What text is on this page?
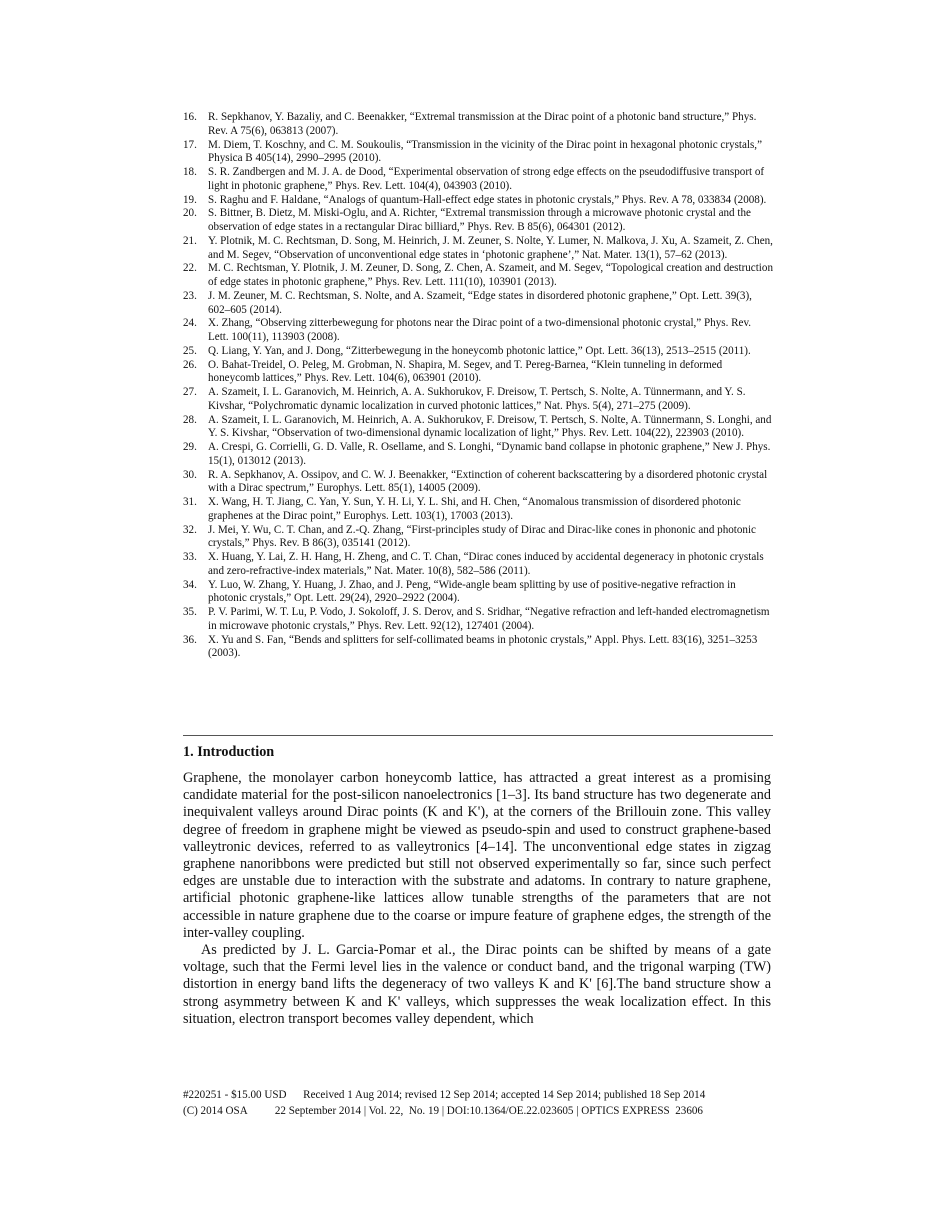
16. R. Sepkhanov, Y. Bazaliy, and C. Beenakker, “Extremal transmission at the Dirac point of a photonic band structure,” Phys. Rev. A 75(6), 063813 (2007).
17. M. Diem, T. Koschny, and C. M. Soukoulis, “Transmission in the vicinity of the Dirac point in hexagonal photonic crystals,” Physica B 405(14), 2990–2995 (2010).
18. S. R. Zandbergen and M. J. A. de Dood, “Experimental observation of strong edge effects on the pseudodiffusive transport of light in photonic graphene,” Phys. Rev. Lett. 104(4), 043903 (2010).
19. S. Raghu and F. Haldane, “Analogs of quantum-Hall-effect edge states in photonic crystals,” Phys. Rev. A 78, 033834 (2008).
20. S. Bittner, B. Dietz, M. Miski-Oglu, and A. Richter, “Extremal transmission through a microwave photonic crystal and the observation of edge states in a rectangular Dirac billiard,” Phys. Rev. B 85(6), 064301 (2012).
21. Y. Plotnik, M. C. Rechtsman, D. Song, M. Heinrich, J. M. Zeuner, S. Nolte, Y. Lumer, N. Malkova, J. Xu, A. Szameit, Z. Chen, and M. Segev, “Observation of unconventional edge states in ‘photonic graphene’,” Nat. Mater. 13(1), 57–62 (2013).
22. M. C. Rechtsman, Y. Plotnik, J. M. Zeuner, D. Song, Z. Chen, A. Szameit, and M. Segev, “Topological creation and destruction of edge states in photonic graphene,” Phys. Rev. Lett. 111(10), 103901 (2013).
23. J. M. Zeuner, M. C. Rechtsman, S. Nolte, and A. Szameit, “Edge states in disordered photonic graphene,” Opt. Lett. 39(3), 602–605 (2014).
24. X. Zhang, “Observing zitterbewegung for photons near the Dirac point of a two-dimensional photonic crystal,” Phys. Rev. Lett. 100(11), 113903 (2008).
25. Q. Liang, Y. Yan, and J. Dong, “Zitterbewegung in the honeycomb photonic lattice,” Opt. Lett. 36(13), 2513–2515 (2011).
26. O. Bahat-Treidel, O. Peleg, M. Grobman, N. Shapira, M. Segev, and T. Pereg-Barnea, “Klein tunneling in deformed honeycomb lattices,” Phys. Rev. Lett. 104(6), 063901 (2010).
27. A. Szameit, I. L. Garanovich, M. Heinrich, A. A. Sukhorukov, F. Dreisow, T. Pertsch, S. Nolte, A. Tünnermann, and Y. S. Kivshar, “Polychromatic dynamic localization in curved photonic lattices,” Nat. Phys. 5(4), 271–275 (2009).
28. A. Szameit, I. L. Garanovich, M. Heinrich, A. A. Sukhorukov, F. Dreisow, T. Pertsch, S. Nolte, A. Tünnermann, S. Longhi, and Y. S. Kivshar, “Observation of two-dimensional dynamic localization of light,” Phys. Rev. Lett. 104(22), 223903 (2010).
29. A. Crespi, G. Corrielli, G. D. Valle, R. Osellame, and S. Longhi, “Dynamic band collapse in photonic graphene,” New J. Phys. 15(1), 013012 (2013).
30. R. A. Sepkhanov, A. Ossipov, and C. W. J. Beenakker, “Extinction of coherent backscattering by a disordered photonic crystal with a Dirac spectrum,” Europhys. Lett. 85(1), 14005 (2009).
31. X. Wang, H. T. Jiang, C. Yan, Y. Sun, Y. H. Li, Y. L. Shi, and H. Chen, “Anomalous transmission of disordered photonic graphenes at the Dirac point,” Europhys. Lett. 103(1), 17003 (2013).
32. J. Mei, Y. Wu, C. T. Chan, and Z.-Q. Zhang, “First-principles study of Dirac and Dirac-like cones in phononic and photonic crystals,” Phys. Rev. B 86(3), 035141 (2012).
33. X. Huang, Y. Lai, Z. H. Hang, H. Zheng, and C. T. Chan, “Dirac cones induced by accidental degeneracy in photonic crystals and zero-refractive-index materials,” Nat. Mater. 10(8), 582–586 (2011).
34. Y. Luo, W. Zhang, Y. Huang, J. Zhao, and J. Peng, “Wide-angle beam splitting by use of positive-negative refraction in photonic crystals,” Opt. Lett. 29(24), 2920–2922 (2004).
35. P. V. Parimi, W. T. Lu, P. Vodo, J. Sokoloff, J. S. Derov, and S. Sridhar, “Negative refraction and left-handed electromagnetism in microwave photonic crystals,” Phys. Rev. Lett. 92(12), 127401 (2004).
36. X. Yu and S. Fan, “Bends and splitters for self-collimated beams in photonic crystals,” Appl. Phys. Lett. 83(16), 3251–3253 (2003).
1. Introduction

Graphene, the monolayer carbon honeycomb lattice, has attracted a great interest as a promising candidate material for the post-silicon nanoelectronics [1–3]. Its band structure has two degenerate and inequivalent valleys around Dirac points (K and K'), at the corners of the Brillouin zone. This valley degree of freedom in graphene might be viewed as pseudo-spin and used to construct graphene-based valleytronic devices, referred to as valleytronics [4–14]. The unconventional edge states in zigzag graphene nanoribbons were predicted but still not observed experimentally so far, since such perfect edges are unstable due to interaction with the substrate and adatoms. In contrary to nature graphene, artificial photonic graphene-like lattices allow tunable strengths of the parameters that are not accessible in nature graphene due to the coarse or impure feature of graphene edges, the strength of the inter-valley coupling.

As predicted by J. L. Garcia-Pomar et al., the Dirac points can be shifted by means of a gate voltage, such that the Fermi level lies in the valence or conduct band, and the trigonal warping (TW) distortion in energy band lifts the degeneracy of two valleys K and K' [6].The band structure show a strong asymmetry between K and K' valleys, which suppresses the weak localization effect. In this situation, electron transport becomes valley dependent, which

#220251 - $15.00 USD      Received 1 Aug 2014; revised 12 Sep 2014; accepted 14 Sep 2014; published 18 Sep 2014
(C) 2014 OSA          22 September 2014 | Vol. 22,  No. 19 | DOI:10.1364/OE.22.023605 | OPTICS EXPRESS  23606
